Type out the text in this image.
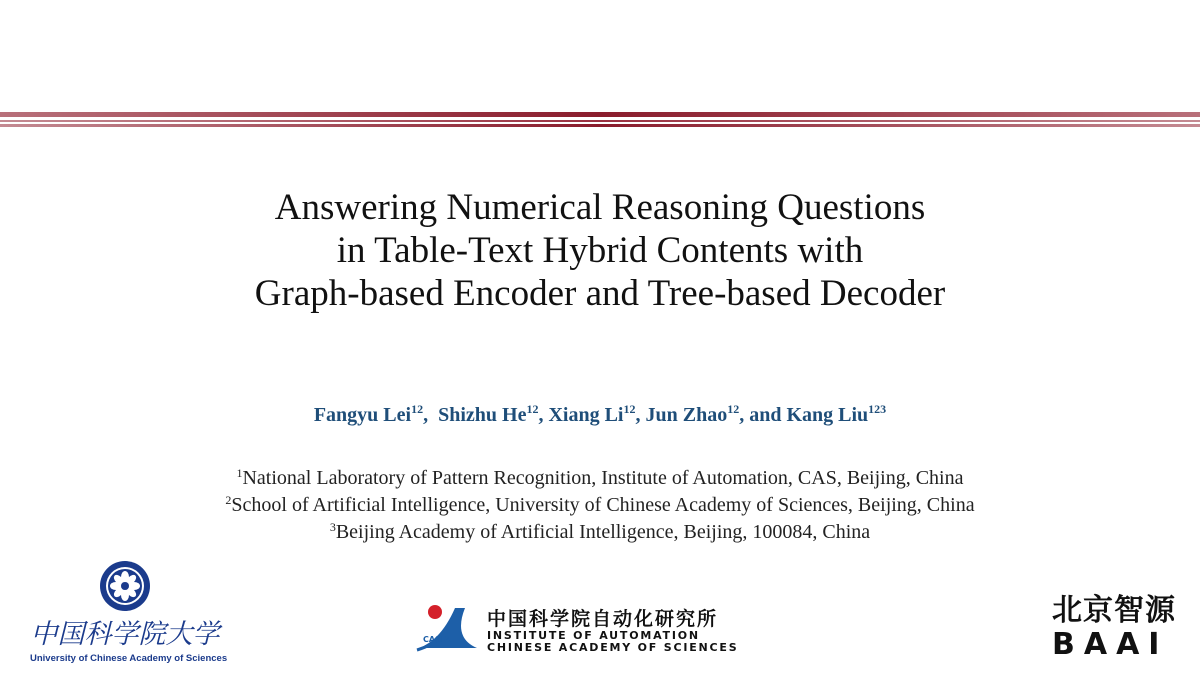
Answering Numerical Reasoning Questions
in Table-Text Hybrid Contents with
Graph-based Encoder and Tree-based Decoder
Fangyu Lei$^{12}$,  Shizhu He$^{12}$, Xiang Li$^{12}$, Jun Zhao$^{12}$, and Kang Liu$^{123}$
$^1$National Laboratory of Pattern Recognition, Institute of Automation, CAS, Beijing, China
$^2$School of Artificial Intelligence, University of Chinese Academy of Sciences, Beijing, China
$^3$Beijing Academy of Artificial Intelligence, Beijing, 100084, China
中国科学院大学
University of Chinese Academy of Sciences
CASIA
中国科学院自动化研究所
INSTITUTE OF AUTOMATION
CHINESE ACADEMY OF SCIENCES
北京智源
BAAI
